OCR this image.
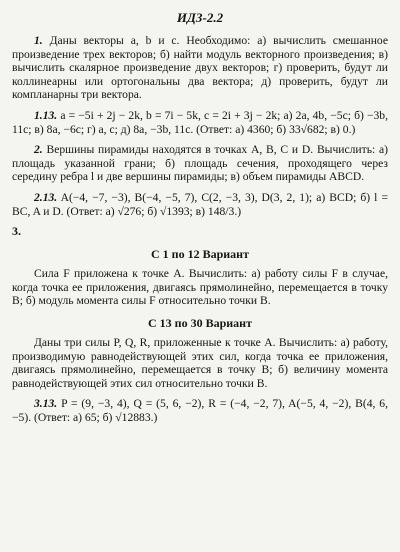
ИДЗ-2.2

1. Даны векторы a, b и c. Необходимо: а) вычислить смешанное произведение трех векторов; б) найти модуль векторного произведения; в) вычислить скалярное произведение двух векторов; г) проверить, будут ли коллинеарны или ортогональны два вектора; д) проверить, будут ли компланарны три вектора.

1.13. a = −5i + 2j − 2k, b = 7i − 5k, c = 2i + 3j − 2k; а) 2a, 4b, −5c; б) −3b, 11c; в) 8a, −6c; г) a, c; д) 8a, −3b, 11c. (Ответ: а) 4360; б) 33√682; в) 0.)

2. Вершины пирамиды находятся в точках A, B, C и D. Вычислить: а) площадь указанной грани; б) площадь сечения, проходящего через середину ребра l и две вершины пирамиды; в) объем пирамиды ABCD.

2.13. A(−4, −7, −3), B(−4, −5, 7), C(2, −3, 3), D(3, 2, 1); а) BCD; б) l = BC, A и D. (Ответ: а) √276; б) √1393; в) 148/3.)

3.
С 1 по 12 Вариант

Сила F приложена к точке A. Вычислить: а) работу силы F в случае, когда точка ее приложения, двигаясь прямолинейно, перемещается в точку B; б) модуль момента силы F относительно точки B.

С 13 по 30 Вариант

Даны три силы P, Q, R, приложенные к точке A. Вычислить: а) работу, производимую равнодействующей этих сил, когда точка ее приложения, двигаясь прямолинейно, перемещается в точку B; б) величину момента равнодействующей этих сил относительно точки B.

3.13. P = (9, −3, 4), Q = (5, 6, −2), R = (−4, −2, 7), A(−5, 4, −2), B(4, 6, −5). (Ответ: а) 65; б) √12883.)
